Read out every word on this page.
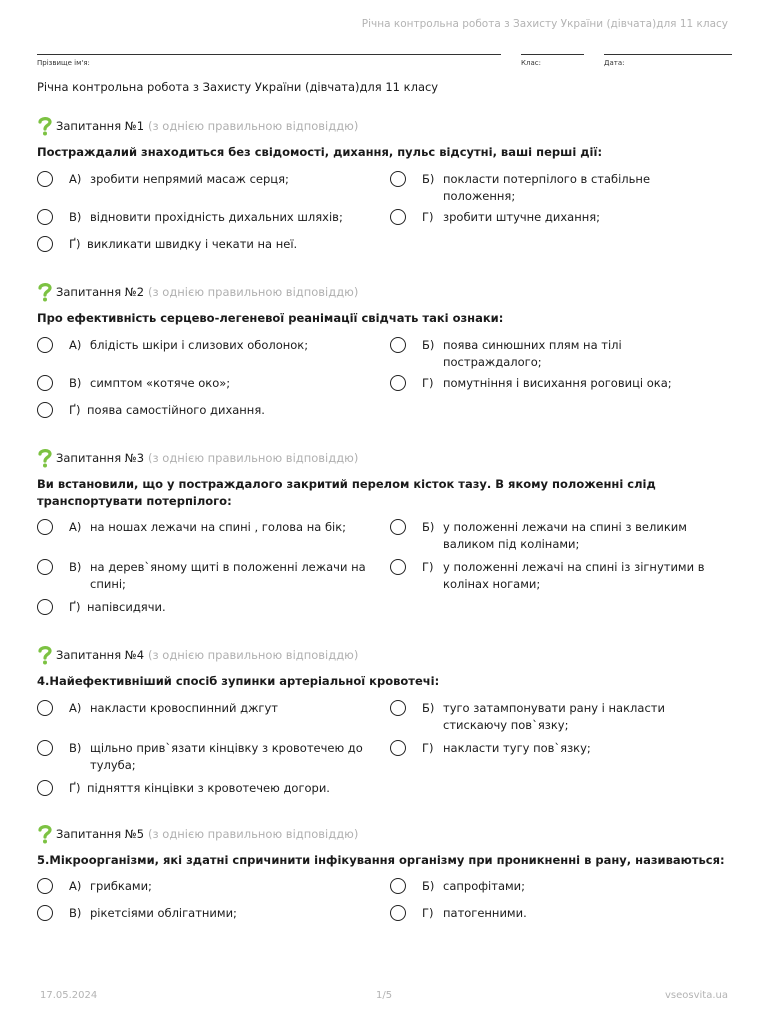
Річна контрольна робота з Захисту України (дівчата)для 11 класу
Прізвище ім'я:	Клас:	Дата:
Річна контрольна робота з Захисту України (дівчата)для 11 класу
Запитання №1 (з однією правильною відповіддю)
Постраждалий знаходиться без свідомості, дихання, пульс відсутні, ваші перші дії:
А) зробити непрямий масаж серця;	Б) покласти потерпілого в стабільне положення;
В) відновити прохідність дихальних шляхів;	Г) зробити штучне дихання;
Ґ) викликати швидку і чекати на неї.
Запитання №2 (з однією правильною відповіддю)
Про ефективність серцево-легеневої реанімації свідчать такі ознаки:
А) блідість шкіри і слизових оболонок;	Б) поява синюшних плям на тілі постраждалого;
В) симптом «котяче око»;	Г) помутніння і висихання роговиці ока;
Ґ) поява самостійного дихання.
Запитання №3 (з однією правильною відповіддю)
Ви встановили, що у постраждалого закритий перелом кісток тазу. В якому положенні слід транспортувати потерпілого:
А) на ношах лежачи на спині , голова на бік;	Б) у положенні лежачи на спині з великим валиком під колінами;
В) на дерев`яному щиті в положенні лежачи на спині;
Г) у положенні лежачі на спині із зігнутими в колінах ногами;
Ґ) напівсидячи.
Запитання №4 (з однією правильною відповіддю)
4.Найефективніший спосіб зупинки артеріальної кровотечі:
А) накласти кровоспинний джгут	Б) туго затампонувати рану і накласти стискаючу пов`язку;
В) щільно прив`язати кінцівку з кровотечею до тулуба;
Г) накласти тугу пов`язку;
Ґ) підняття кінцівки з кровотечею догори.
Запитання №5 (з однією правильною відповіддю)
5.Мікроорганізми, які здатні спричинити інфікування організму при проникненні в рану, називаються:
А) грибками;	Б) сапрофітами;
В) рікетсіями облігатними;	Г) патогенними.
17.05.2024	1/5	vseosvita.ua
